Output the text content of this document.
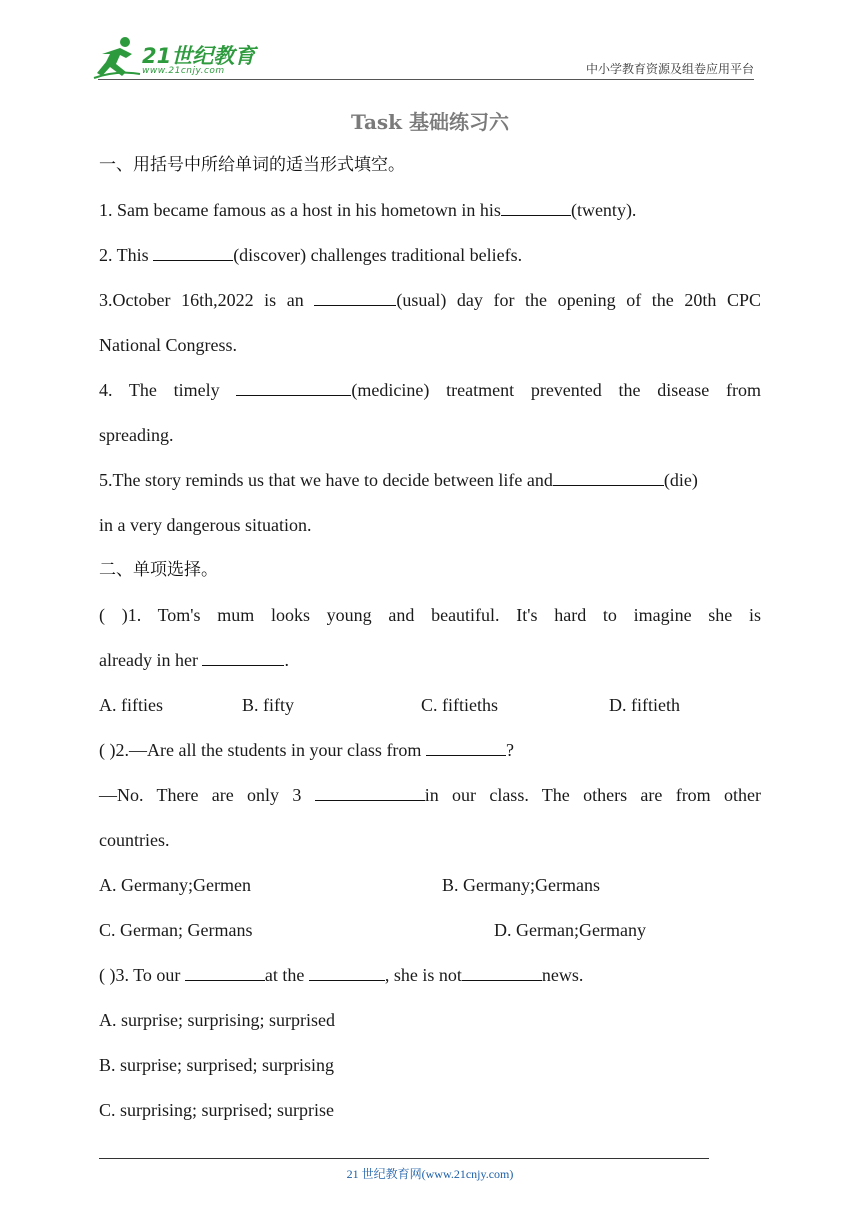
21世纪教育
www.21cnjy.com	中小学教育资源及组卷应用平台
Task 基础练习六
一、用括号中所给单词的适当形式填空。
1. Sam became famous as a host in his hometown in his	(twenty).
2. This	(discover) challenges traditional beliefs.
3.October 16th,2022 is an	(usual) day for the opening of the 20th CPC
National Congress.
4. The timely	(medicine) treatment prevented the disease from
spreading.
5.The story reminds us that we have to decide between life and	(die)
in a very dangerous situation.
二、单项选择。
( )1. Tom's mum looks young and beautiful. It's hard to imagine she is
already in her	.
A. fifties	B. fifty	C. fiftieths	D. fiftieth
( )2.—Are all the students in your class from	?
—No. There are only 3	in our class. The others are from other
countries.
A. Germany;Germen	B. Germany;Germans
C. German; Germans	D. German;Germany
( )3. To our	at the	, she is not	news.
A. surprise; surprising; surprised
B. surprise; surprised; surprising
C. surprising; surprised; surprise
21 世纪教育网(www.21cnjy.com)
